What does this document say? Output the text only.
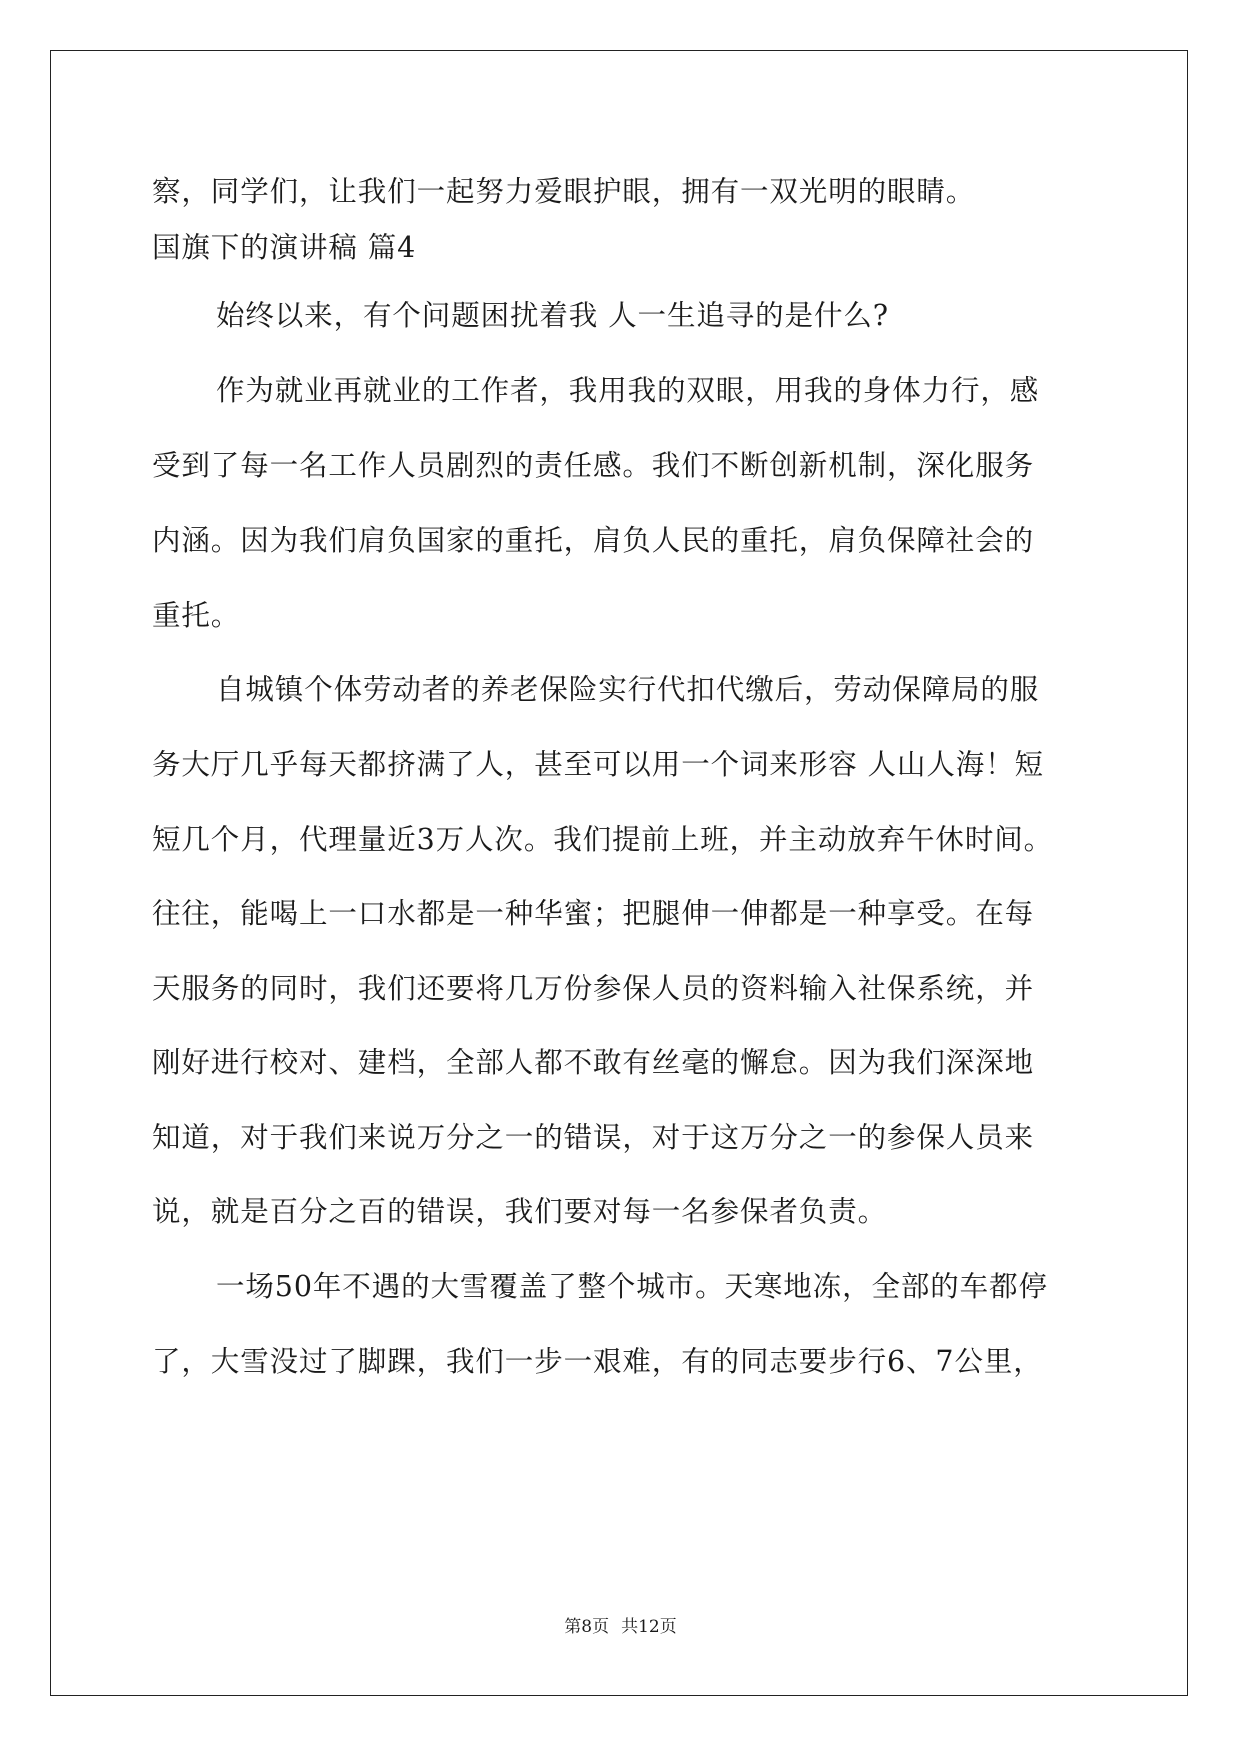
察，同学们，让我们一起努力爱眼护眼，拥有一双光明的眼睛。
国旗下的演讲稿 篇4
始终以来，有个问题困扰着我 人一生追寻的是什么?
作为就业再就业的工作者，我用我的双眼，用我的身体力行，感
受到了每一名工作人员剧烈的责任感。我们不断创新机制，深化服务
内涵。因为我们肩负国家的重托，肩负人民的重托，肩负保障社会的
重托。
自城镇个体劳动者的养老保险实行代扣代缴后，劳动保障局的服
务大厅几乎每天都挤满了人，甚至可以用一个词来形容 人山人海！短
短几个月，代理量近3万人次。我们提前上班，并主动放弃午休时间。
往往，能喝上一口水都是一种华蜜；把腿伸一伸都是一种享受。在每
天服务的同时，我们还要将几万份参保人员的资料输入社保系统，并
刚好进行校对、建档，全部人都不敢有丝毫的懈怠。因为我们深深地
知道，对于我们来说万分之一的错误，对于这万分之一的参保人员来
说，就是百分之百的错误，我们要对每一名参保者负责。
一场50年不遇的大雪覆盖了整个城市。天寒地冻，全部的车都停
了，大雪没过了脚踝，我们一步一艰难，有的同志要步行6、7公里，
第8页 共12页
